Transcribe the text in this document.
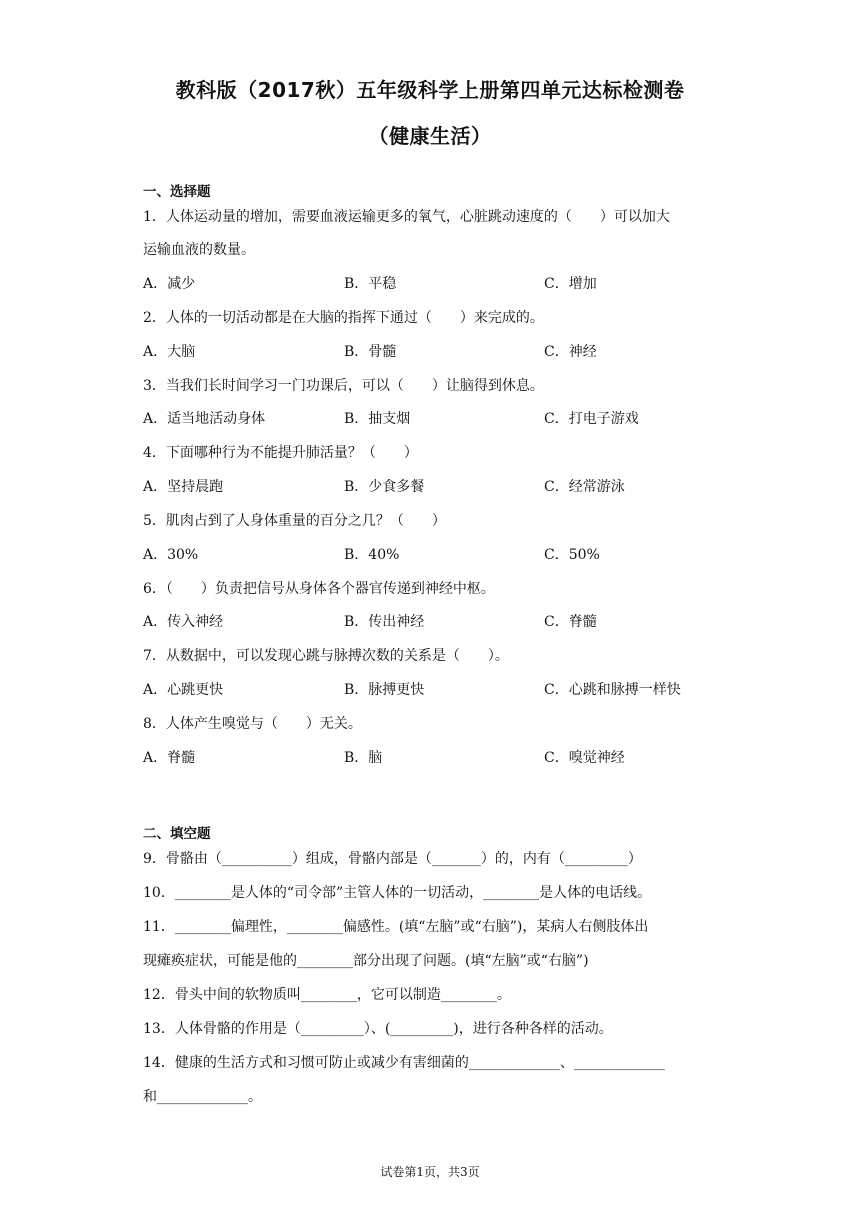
教科版（2017秋）五年级科学上册第四单元达标检测卷
（健康生活）
一、选择题
1．人体运动量的增加，需要血液运输更多的氧气，心脏跳动速度的（　　）可以加大
运输血液的数量。
A．减少	B．平稳	C．增加
2．人体的一切活动都是在大脑的指挥下通过（　　）来完成的。
A．大脑	B．骨髓	C．神经
3．当我们长时间学习一门功课后，可以（　　）让脑得到休息。
A．适当地活动身体	B．抽支烟	C．打电子游戏
4．下面哪种行为不能提升肺活量？（　　）
A．坚持晨跑	B．少食多餐	C．经常游泳
5．肌肉占到了人身体重量的百分之几？（　　）
A．30%	B．40%	C．50%
6．（　　）负责把信号从身体各个器官传递到神经中枢。
A．传入神经	B．传出神经	C．脊髓
7．从数据中，可以发现心跳与脉搏次数的关系是（　　）。
A．心跳更快	B．脉搏更快	C．心跳和脉搏一样快
8．人体产生嗅觉与（　　）无关。
A．脊髓	B．脑	C．嗅觉神经
二、填空题
9．骨骼由（__________）组成，骨骼内部是（_______）的，内有（_________）
10．________是人体的“司令部”主管人体的一切活动，________是人体的电话线。
11．________偏理性，________偏感性。(填“左脑”或“右脑”)，某病人右侧肢体出
现瘫痪症状，可能是他的________部分出现了问题。(填“左脑”或“右脑”)
12．骨头中间的软物质叫________，它可以制造________。
13．人体骨骼的作用是（_________）、(_________)，进行各种各样的活动。
14．健康的生活方式和习惯可防止或减少有害细菌的_____________、_____________
和_____________。
试卷第1页，共3页
